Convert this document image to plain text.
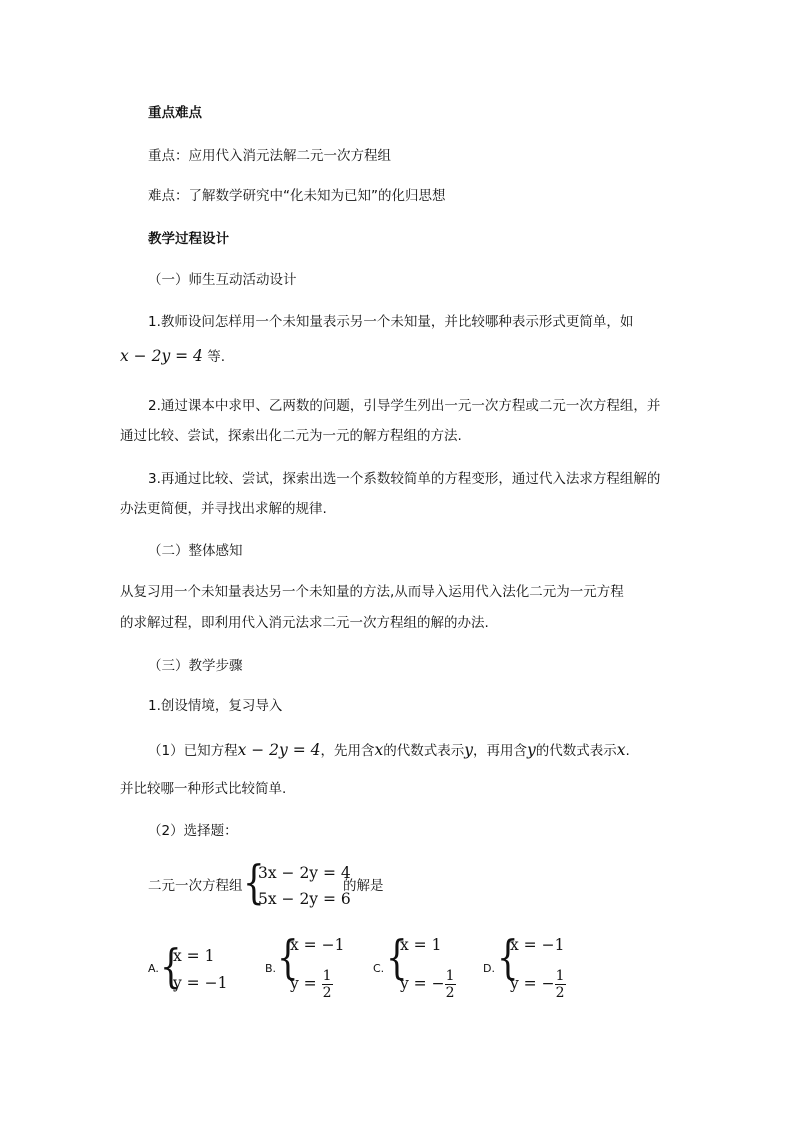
重点难点
重点：应用代入消元法解二元一次方程组
难点：了解数学研究中“化未知为已知”的化归思想
教学过程设计
（一）师生互动活动设计
1.教师设问怎样用一个未知量表示另一个未知量，并比较哪种表示形式更简单，如
x − 2y = 4 等.
2.通过课本中求甲、乙两数的问题，引导学生列出一元一次方程或二元一次方程组，并
通过比较、尝试，探索出化二元为一元的解方程组的方法.
3.再通过比较、尝试，探索出选一个系数较简单的方程变形，通过代入法求方程组解的
办法更简便，并寻找出求解的规律.
（二）整体感知
从复习用一个未知量表达另一个未知量的方法,从而导入运用代入法化二元为一元方程
的求解过程，即利用代入消元法求二元一次方程组的解的办法.
（三）教学步骤
1.创设情境，复习导入
（1）已知方程x − 2y = 4，先用含x的代数式表示y，再用含y的代数式表示x.
并比较哪一种形式比较简单.
（2）选择题：
二元一次方程组 {
3x − 2y = 4
5x − 2y = 6
的解是
A. {
x = 1
y = −1
B. {
x = −1
$y = \frac{1}{2}$	C. {
x = 1
y = − $\frac{1}{2} D$. {
x = −1
y = − $\frac{1}{2}$
